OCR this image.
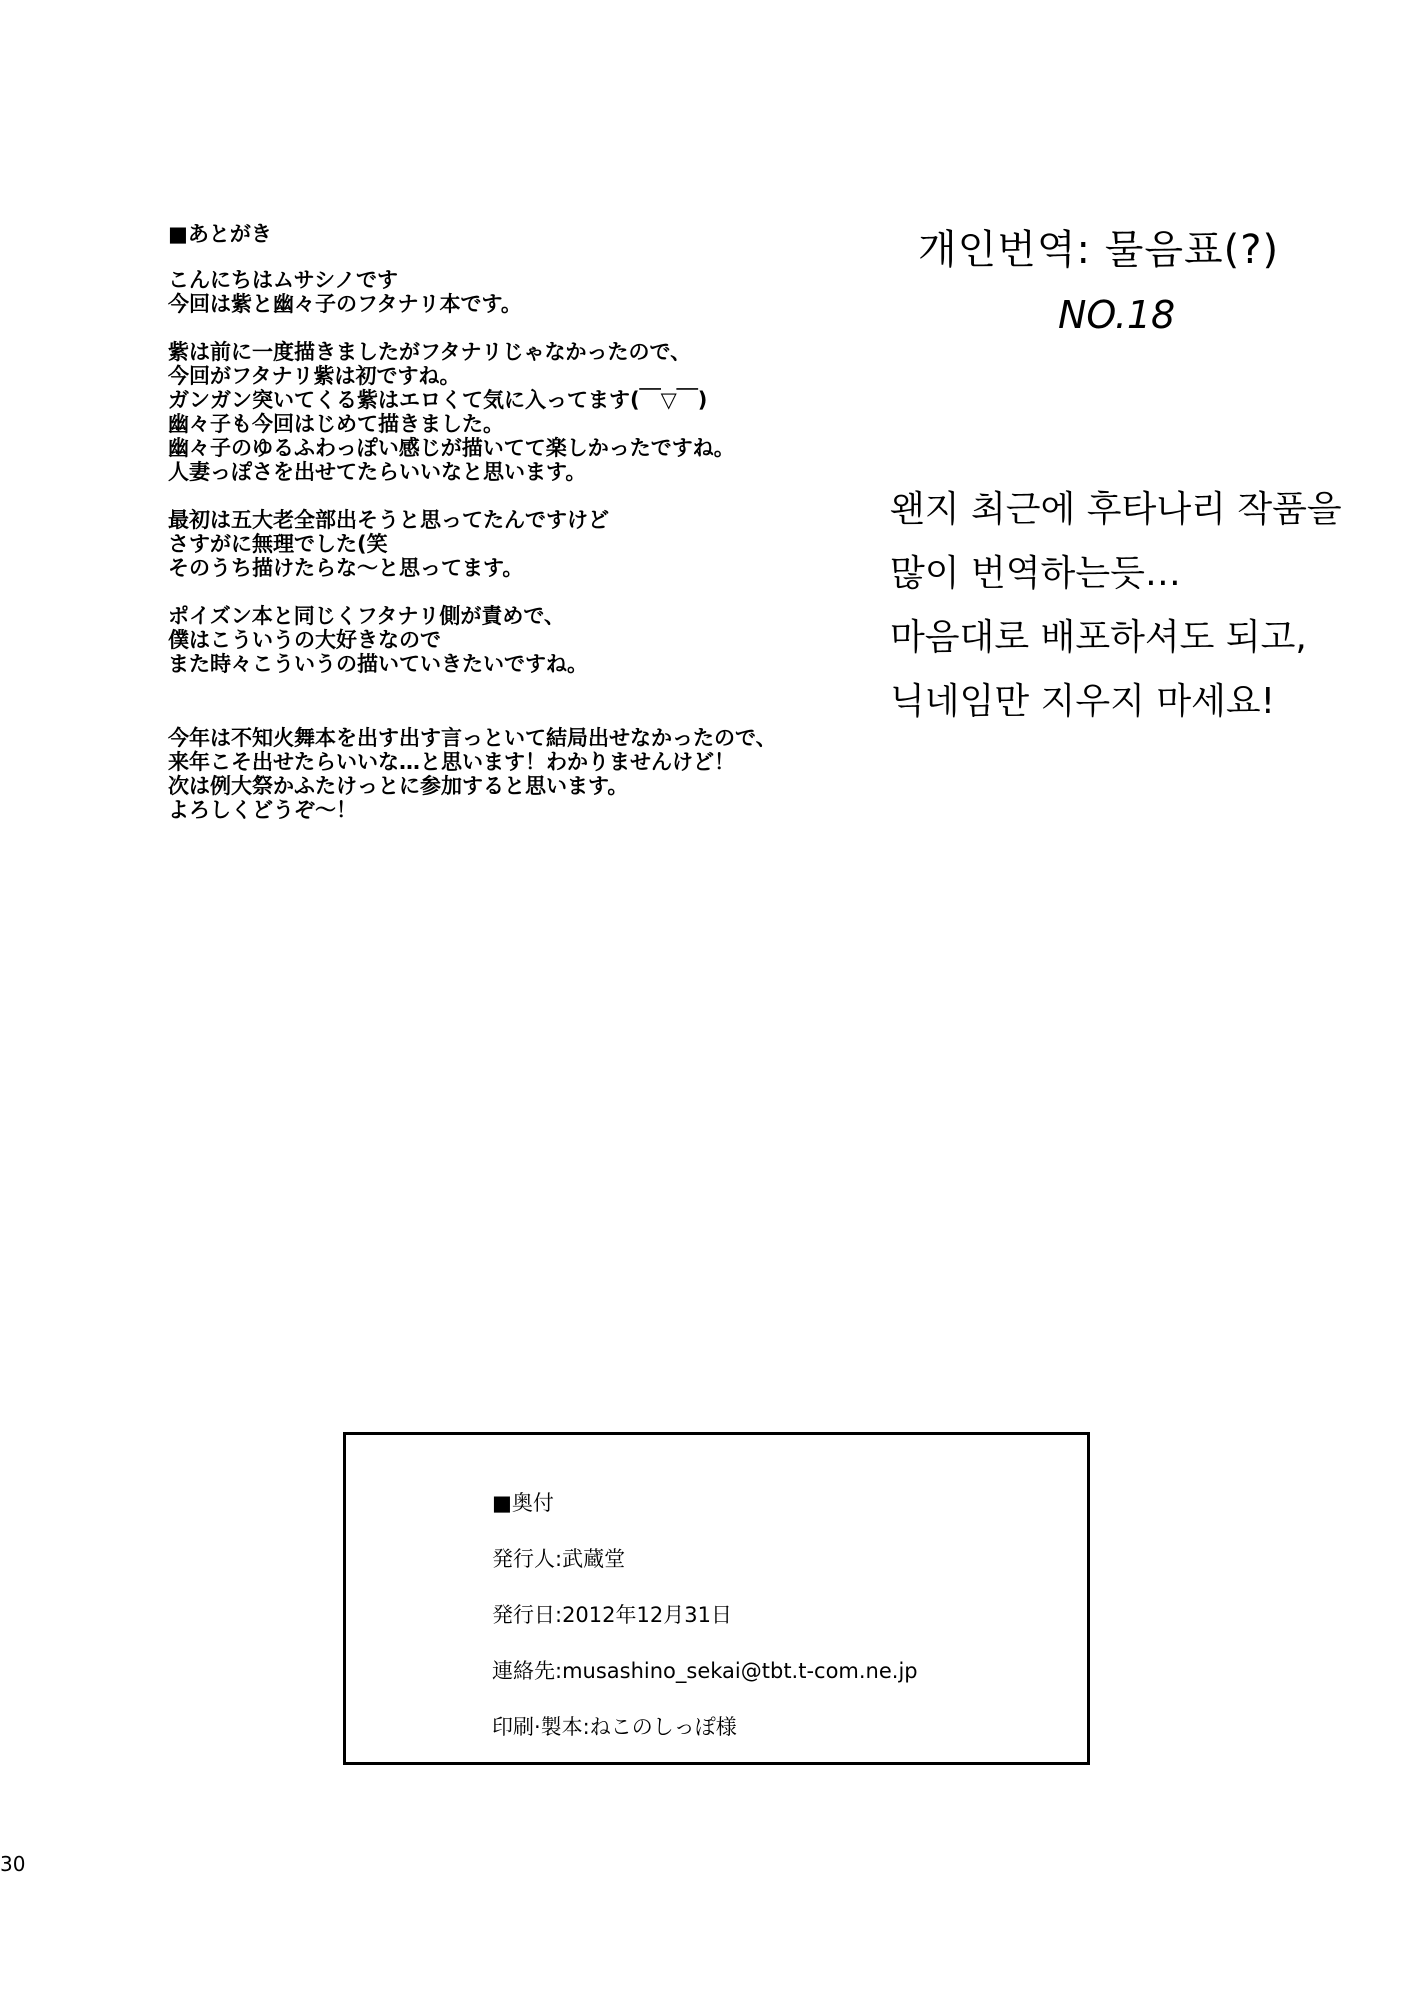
■あとがき
こんにちはムサシノです
今回は紫と幽々子のフタナリ本です。
紫は前に一度描きましたがフタナリじゃなかったので、
今回がフタナリ紫は初ですね。
ガンガン突いてくる紫はエロくて気に入ってます(￣▽￣)
幽々子も今回はじめて描きました。
幽々子のゆるふわっぽい感じが描いてて楽しかったですね。
人妻っぽさを出せてたらいいなと思います。
最初は五大老全部出そうと思ってたんですけど
さすがに無理でした(笑
そのうち描けたらな～と思ってます。
ポイズン本と同じくフタナリ側が責めで、
僕はこういうの大好きなので
また時々こういうの描いていきたいですね。
今年は不知火舞本を出す出す言っといて結局出せなかったので、
来年こそ出せたらいいな…と思います！わかりませんけど！
次は例大祭かふたけっとに参加すると思います。
よろしくどうぞ～！
개인번역: 물음표(?)
NO.18
왠지 최근에 후타나리 작품을
많이 번역하는듯…
마음대로 배포하셔도 되고,
닉네임만 지우지 마세요!
■奥付
発行人:武蔵堂
発行日:2012年12月31日
連絡先:musashino_sekai@tbt.t-com.ne.jp
印刷·製本:ねこのしっぽ様
30
